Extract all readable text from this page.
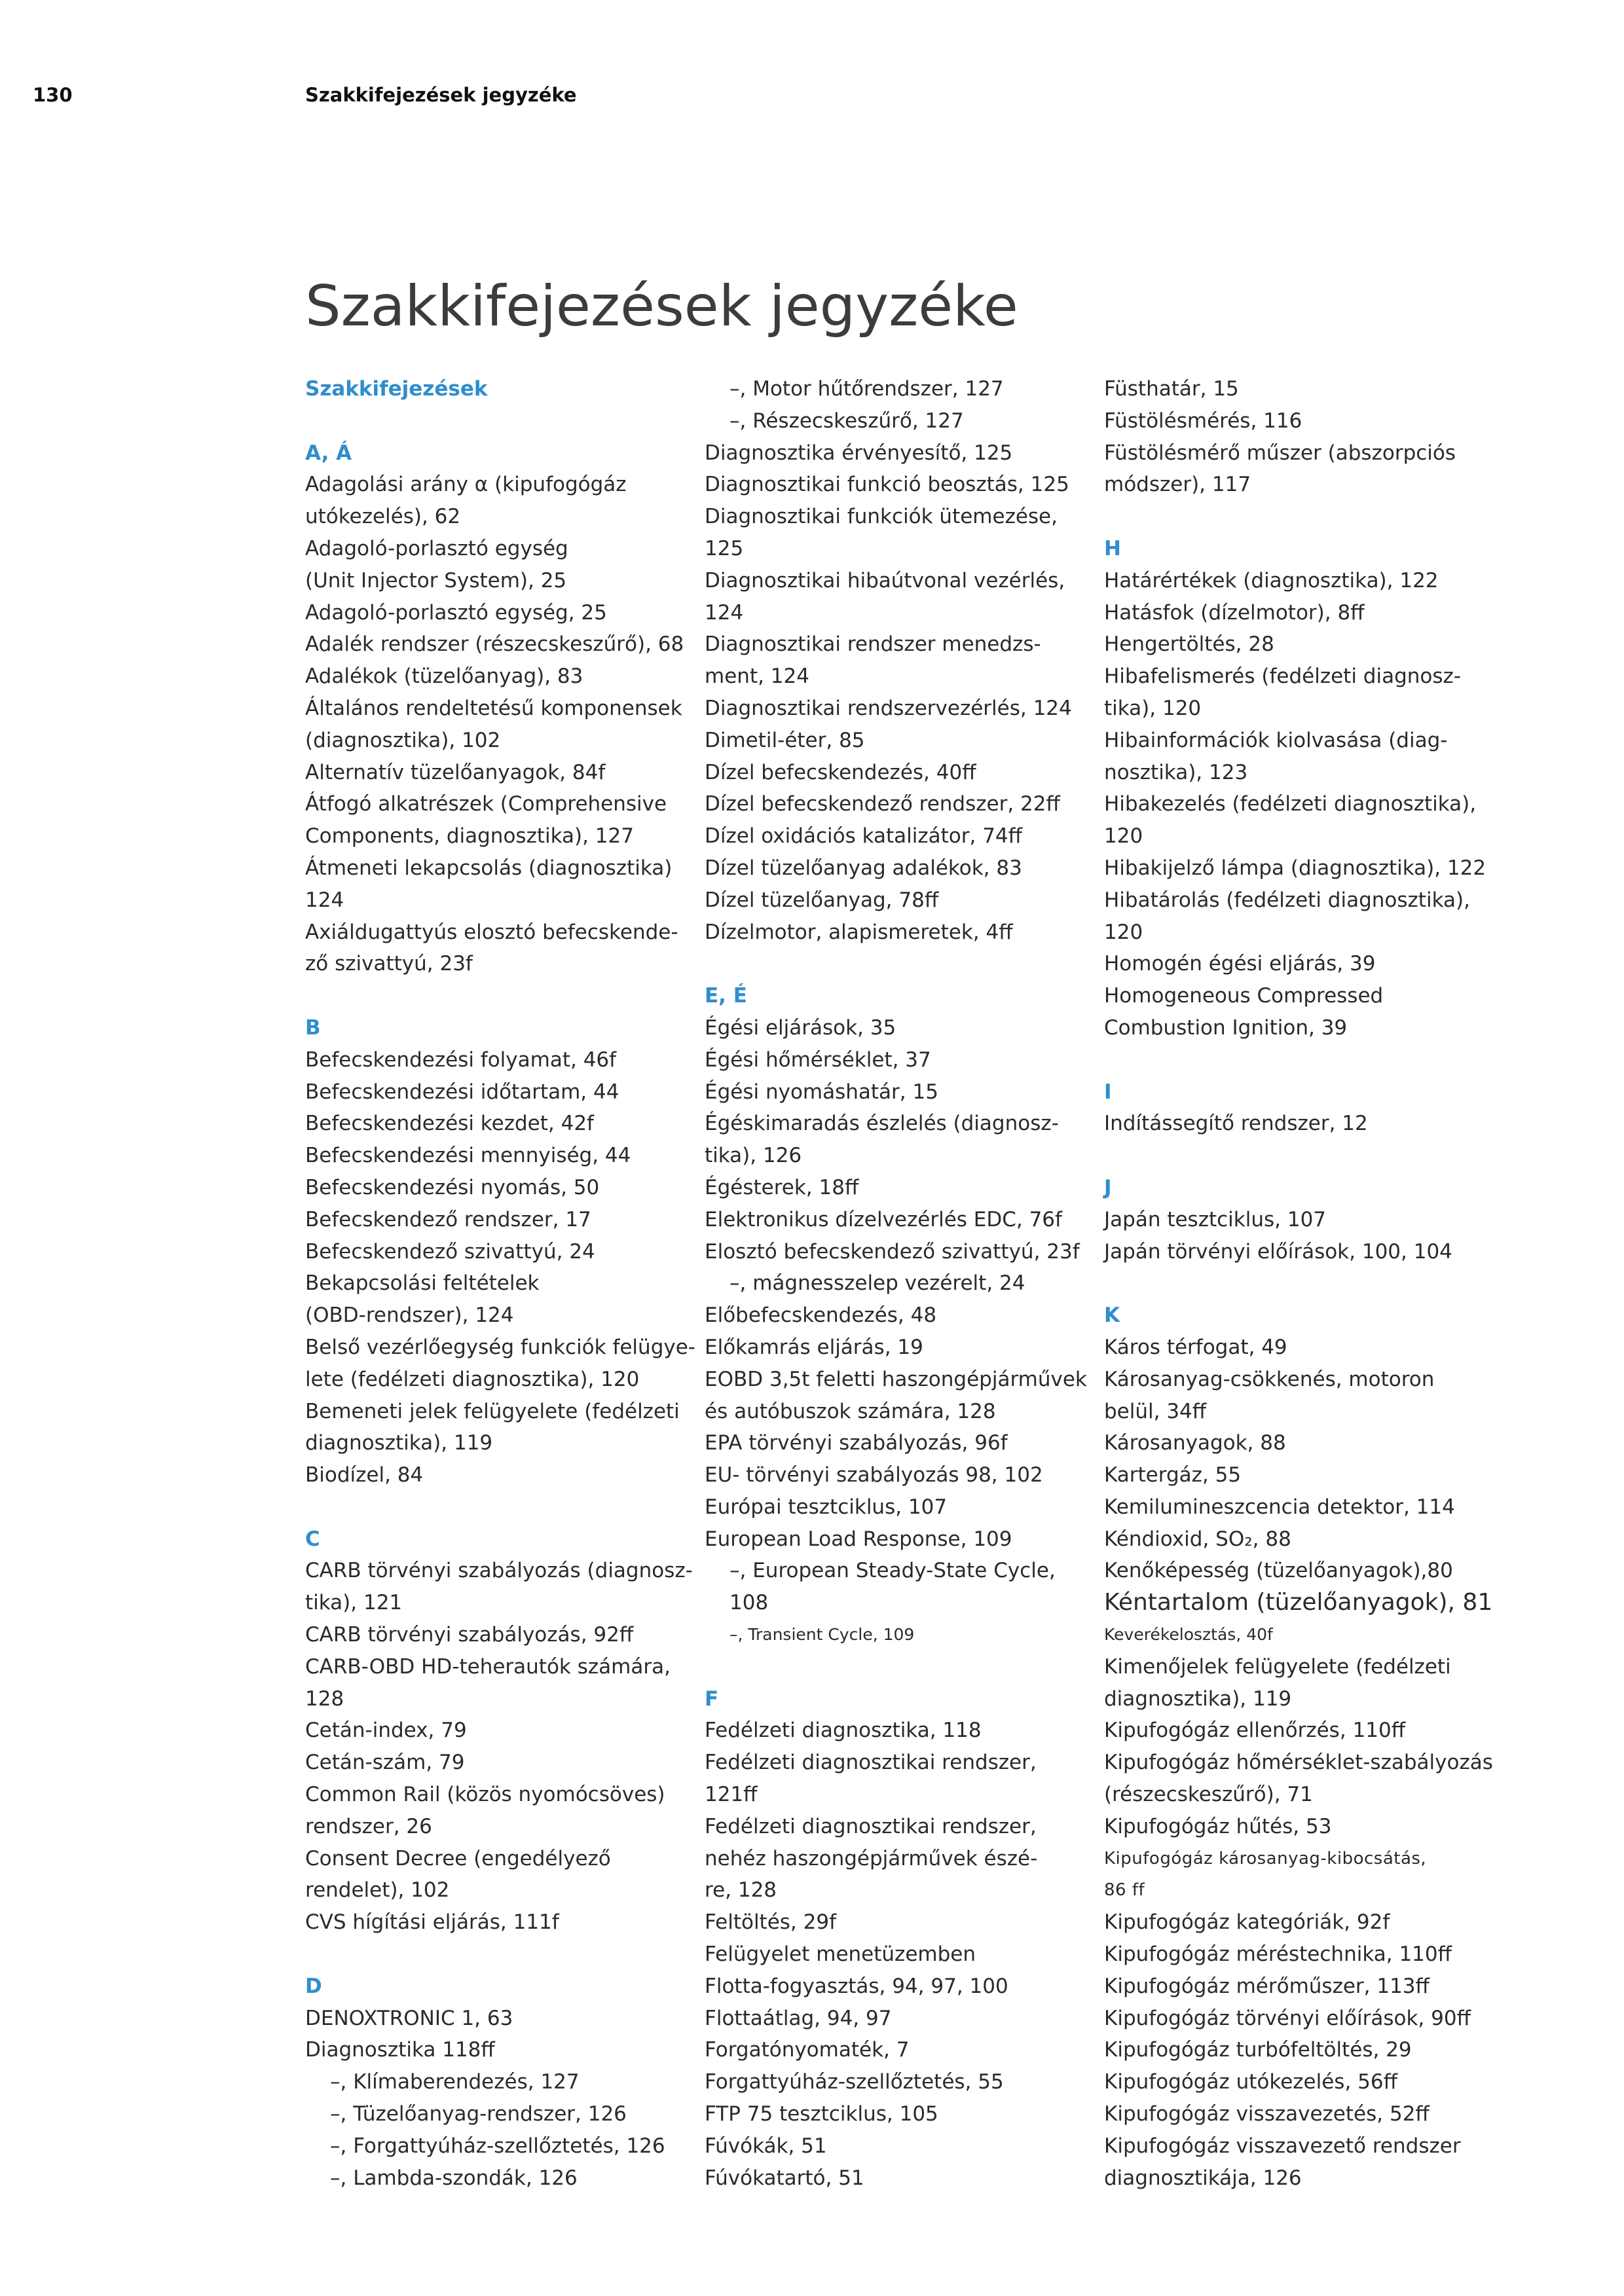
130	Szakkifejezések jegyzéke
Szakkifejezések jegyzéke
Szakkifejezések
A, Á
Adagolási arány α (kipufogógáz
utókezelés), 62
Adagoló-porlasztó egység
(Unit Injector System), 25
Adagoló-porlasztó egység, 25
Adalék rendszer (részecskeszűrő), 68
Adalékok (tüzelőanyag), 83
Általános rendeltetésű komponensek
(diagnosztika), 102
Alternatív tüzelőanyagok, 84f
Átfogó alkatrészek (Comprehensive
Components, diagnosztika), 127
Átmeneti lekapcsolás (diagnosztika)
124
Axiáldugattyús elosztó befecskende-
ző szivattyú, 23f
B
Befecskendezési folyamat, 46f
Befecskendezési időtartam, 44
Befecskendezési kezdet, 42f
Befecskendezési mennyiség, 44
Befecskendezési nyomás, 50
Befecskendező rendszer, 17
Befecskendező szivattyú, 24
Bekapcsolási feltételek
(OBD-rendszer), 124
Belső vezérlőegység funkciók felügye-
lete (fedélzeti diagnosztika), 120
Bemeneti jelek felügyelete (fedélzeti
diagnosztika), 119
Biodízel, 84
C
CARB törvényi szabályozás (diagnosz-
tika), 121
CARB törvényi szabályozás, 92ff
CARB-OBD HD-teherautók számára,
128
Cetán-index, 79
Cetán-szám, 79
Common Rail (közös nyomócsöves)
rendszer, 26
Consent Decree (engedélyező
rendelet), 102
CVS hígítási eljárás, 111f
D
DENOXTRONIC 1, 63
Diagnosztika 118ff
–, Klímaberendezés, 127
–, Tüzelőanyag-rendszer, 126
–, Forgattyúház-szellőztetés, 126
–, Lambda-szondák, 126
–, Motor hűtőrendszer, 127
–, Részecskeszűrő, 127
Diagnosztika érvényesítő, 125
Diagnosztikai funkció beosztás, 125
Diagnosztikai funkciók ütemezése,
125
Diagnosztikai hibaútvonal vezérlés,
124
Diagnosztikai rendszer menedzs-
ment, 124
Diagnosztikai rendszervezérlés, 124
Dimetil-éter, 85
Dízel befecskendezés, 40ff
Dízel befecskendező rendszer, 22ff
Dízel oxidációs katalizátor, 74ff
Dízel tüzelőanyag adalékok, 83
Dízel tüzelőanyag, 78ff
Dízelmotor, alapismeretek, 4ff
E, É
Égési eljárások, 35
Égési hőmérséklet, 37
Égési nyomáshatár, 15
Égéskimaradás észlelés (diagnosz-
tika), 126
Égésterek, 18ff
Elektronikus dízelvezérlés EDC, 76f
Elosztó befecskendező szivattyú, 23f
–, mágnesszelep vezérelt, 24
Előbefecskendezés, 48
Előkamrás eljárás, 19
EOBD 3,5t feletti haszongépjárművek
és autóbuszok számára, 128
EPA törvényi szabályozás, 96f
EU- törvényi szabályozás 98, 102
Európai tesztciklus, 107
European Load Response, 109
–, European Steady-State Cycle,
108
–, Transient Cycle, 109
F
Fedélzeti diagnosztika, 118
Fedélzeti diagnosztikai rendszer,
121ff
Fedélzeti diagnosztikai rendszer,
nehéz haszongépjárművek észé-
re, 128
Feltöltés, 29f
Felügyelet menetüzemben
Flotta-fogyasztás, 94, 97, 100
Flottaátlag, 94, 97
Forgatónyomaték, 7
Forgattyúház-szellőztetés, 55
FTP 75 tesztciklus, 105
Fúvókák, 51
Fúvókatartó, 51
Füsthatár, 15
Füstölésmérés, 116
Füstölésmérő műszer (abszorpciós
módszer), 117
H
Határértékek (diagnosztika), 122
Hatásfok (dízelmotor), 8ff
Hengertöltés, 28
Hibafelismerés (fedélzeti diagnosz-
tika), 120
Hibainformációk kiolvasása (diag-
nosztika), 123
Hibakezelés (fedélzeti diagnosztika),
120
Hibakijelző lámpa (diagnosztika), 122
Hibatárolás (fedélzeti diagnosztika),
120
Homogén égési eljárás, 39
Homogeneous Compressed
Combustion Ignition, 39
I
Indítássegítő rendszer, 12
J
Japán tesztciklus, 107
Japán törvényi előírások, 100, 104
K
Káros térfogat, 49
Károsanyag-csökkenés, motoron
belül, 34ff
Károsanyagok, 88
Kartergáz, 55
Kemilumineszcencia detektor, 114
Kéndioxid, SO₂, 88
Kenőképesség (tüzelőanyagok),80
Kéntartalom (tüzelőanyagok), 81
Keverékelosztás, 40f
Kimenőjelek felügyelete (fedélzeti
diagnosztika), 119
Kipufogógáz ellenőrzés, 110ff
Kipufogógáz hőmérséklet-szabályozás
(részecskeszűrő), 71
Kipufogógáz hűtés, 53
Kipufogógáz károsanyag-kibocsátás,
86 ff
Kipufogógáz kategóriák, 92f
Kipufogógáz méréstechnika, 110ff
Kipufogógáz mérőműszer, 113ff
Kipufogógáz törvényi előírások, 90ff
Kipufogógáz turbófeltöltés, 29
Kipufogógáz utókezelés, 56ff
Kipufogógáz visszavezetés, 52ff
Kipufogógáz visszavezető rendszer
diagnosztikája, 126
